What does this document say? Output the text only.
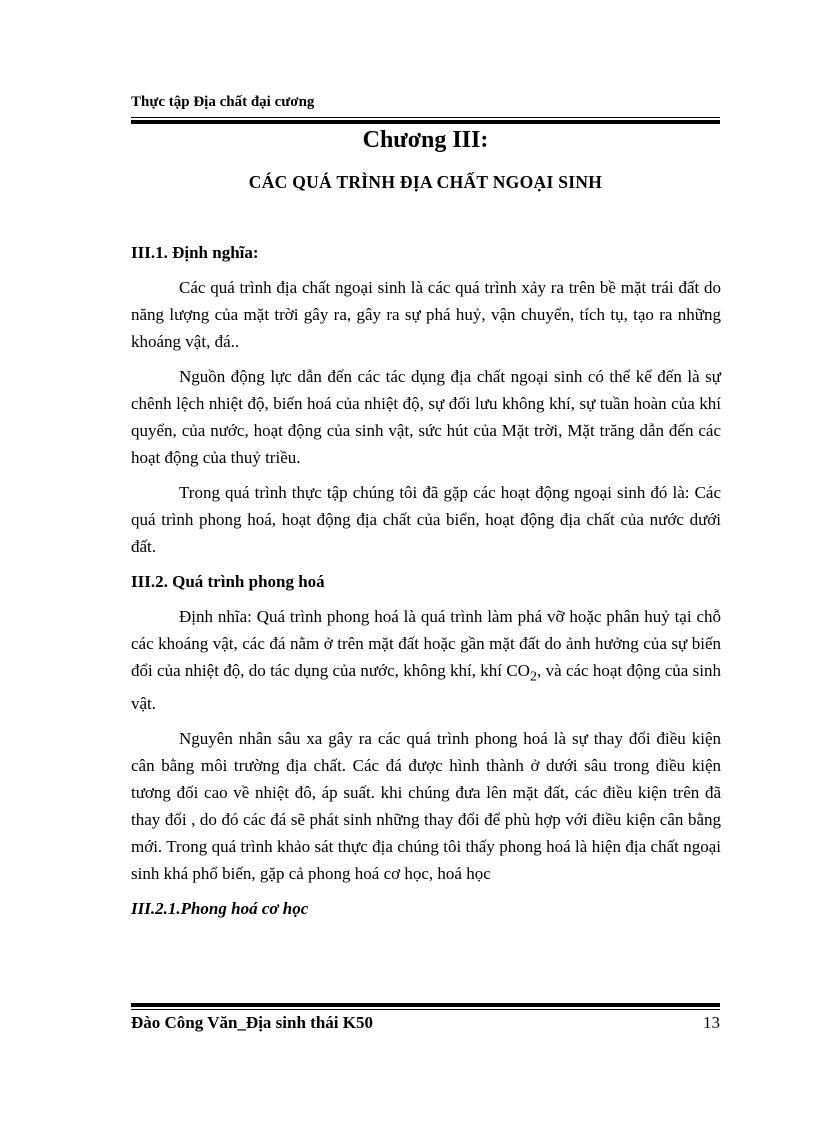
Thực tập Địa chất đại cương
Chương III:
CÁC QUÁ TRÌNH ĐỊA CHẤT NGOẠI SINH

III.1. Định nghĩa:

Các quá trình địa chất ngoại sinh là các quá trình xảy ra trên bề mặt trái đất do năng lượng của mặt trời gây ra, gây ra sự phá huỷ, vận chuyển, tích tụ, tạo ra những khoáng vật, đá..

Nguồn động lực dẫn đến các tác dụng địa chất ngoại sinh có thể kể đến là sự chênh lệch nhiệt độ, biến hoá của nhiệt độ, sự đối lưu không khí, sự tuần hoàn của khí quyển, của nước, hoạt động của sinh vật, sức hút của Mặt trời, Mặt trăng dẫn đến các hoạt động của thuỷ triều.

Trong quá trình thực tập chúng tôi đã gặp các hoạt động ngoại sinh đó là: Các quá trình phong hoá, hoạt động địa chất của biển, hoạt động địa chất của nước dưới đất.

III.2. Quá trình phong hoá

Định nhĩa: Quá trình phong hoá là quá trình làm phá vỡ hoặc phân huỷ tại chỗ các khoáng vật, các đá nằm ở trên mặt đất hoặc gần mặt đất do ảnh hưởng của sự biến đổi của nhiệt độ, do tác dụng của nước, không khí, khí $CO_2$, và các hoạt động của sinh vật.

Nguyên nhân sâu xa gây ra các quá trình phong hoá là sự thay đổi điều kiện cân bằng môi trường địa chất. Các đá được hình thành ở dưới sâu trong điều kiện tương đối cao về nhiệt đô, áp suất. khi chúng đưa lên mặt đất, các điều kiện trên đã thay đổi , do đó các đá sẽ phát sinh những thay đổi để phù hợp với điều kiện cân bằng mới. Trong quá trình khảo sát thực địa chúng tôi thấy phong hoá là hiện địa chất ngoại sinh khá phổ biến, gặp cả phong hoá cơ học, hoá học

III.2.1.Phong hoá cơ học

Đào Công Văn_Địa sinh thái K50	13
